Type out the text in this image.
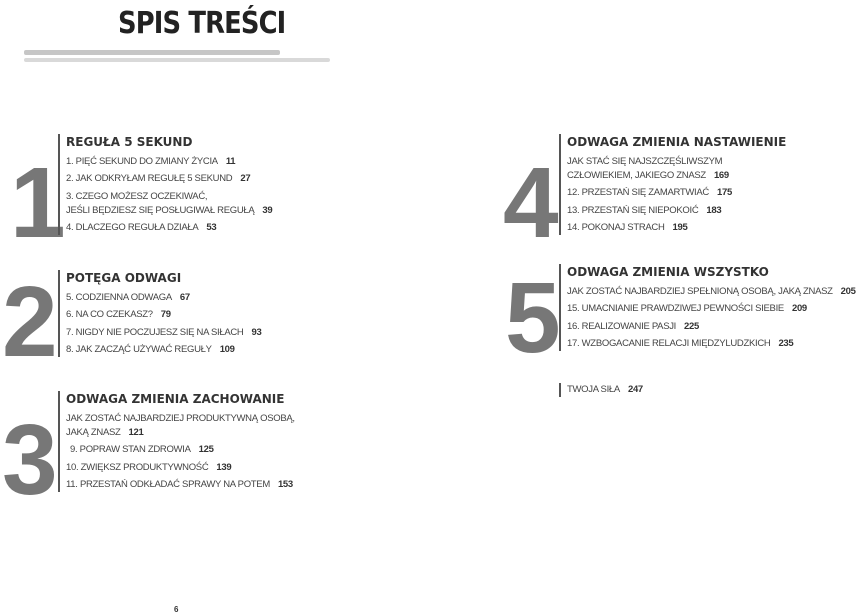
SPIS TREŚCI
1
REGUŁA 5 SEKUND
1. PIĘĆ SEKUND DO ZMIANY ŻYCIA 11
2. JAK ODKRYŁAM REGUŁĘ 5 SEKUND 27
3. CZEGO MOŻESZ OCZEKIWAĆ,
JEŚLI BĘDZIESZ SIĘ POSŁUGIWAŁ REGUŁĄ 39
4. DLACZEGO REGUŁA DZIAŁA 53
2 POTĘGA ODWAGI
5. CODZIENNA ODWAGA 67
6. NA CO CZEKASZ? 79
7. NIGDY NIE POCZUJESZ SIĘ NA SIŁACH 93
8. JAK ZACZĄĆ UŻYWAĆ REGUŁY 109
3
ODWAGA ZMIENIA ZACHOWANIE
JAK ZOSTAĆ NAJBARDZIEJ PRODUKTYWNĄ OSOBĄ,
JAKĄ ZNASZ 121
9. POPRAW STAN ZDROWIA 125
10. ZWIĘKSZ PRODUKTYWNOŚĆ 139
11. PRZESTAŃ ODKŁADAĆ SPRAWY NA POTEM 153
4
ODWAGA ZMIENIA NASTAWIENIE
JAK STAĆ SIĘ NAJSZCZĘŚLIWSZYM
CZŁOWIEKIEM, JAKIEGO ZNASZ 169
12. PRZESTAŃ SIĘ ZAMARTWIAĆ 175
13. PRZESTAŃ SIĘ NIEPOKOIĆ 183
14. POKONAJ STRACH 195
5 ODWAGA ZMIENIA WSZYSTKO
JAK ZOSTAĆ NAJBARDZIEJ SPEŁNIONĄ OSOBĄ, JAKĄ ZNASZ 205
15. UMACNIANIE PRAWDZIWEJ PEWNOŚCI SIEBIE 209
16. REALIZOWANIE PASJI 225
17. WZBOGACANIE RELACJI MIĘDZYLUDZKICH 235
TWOJA SIŁA 247
6
